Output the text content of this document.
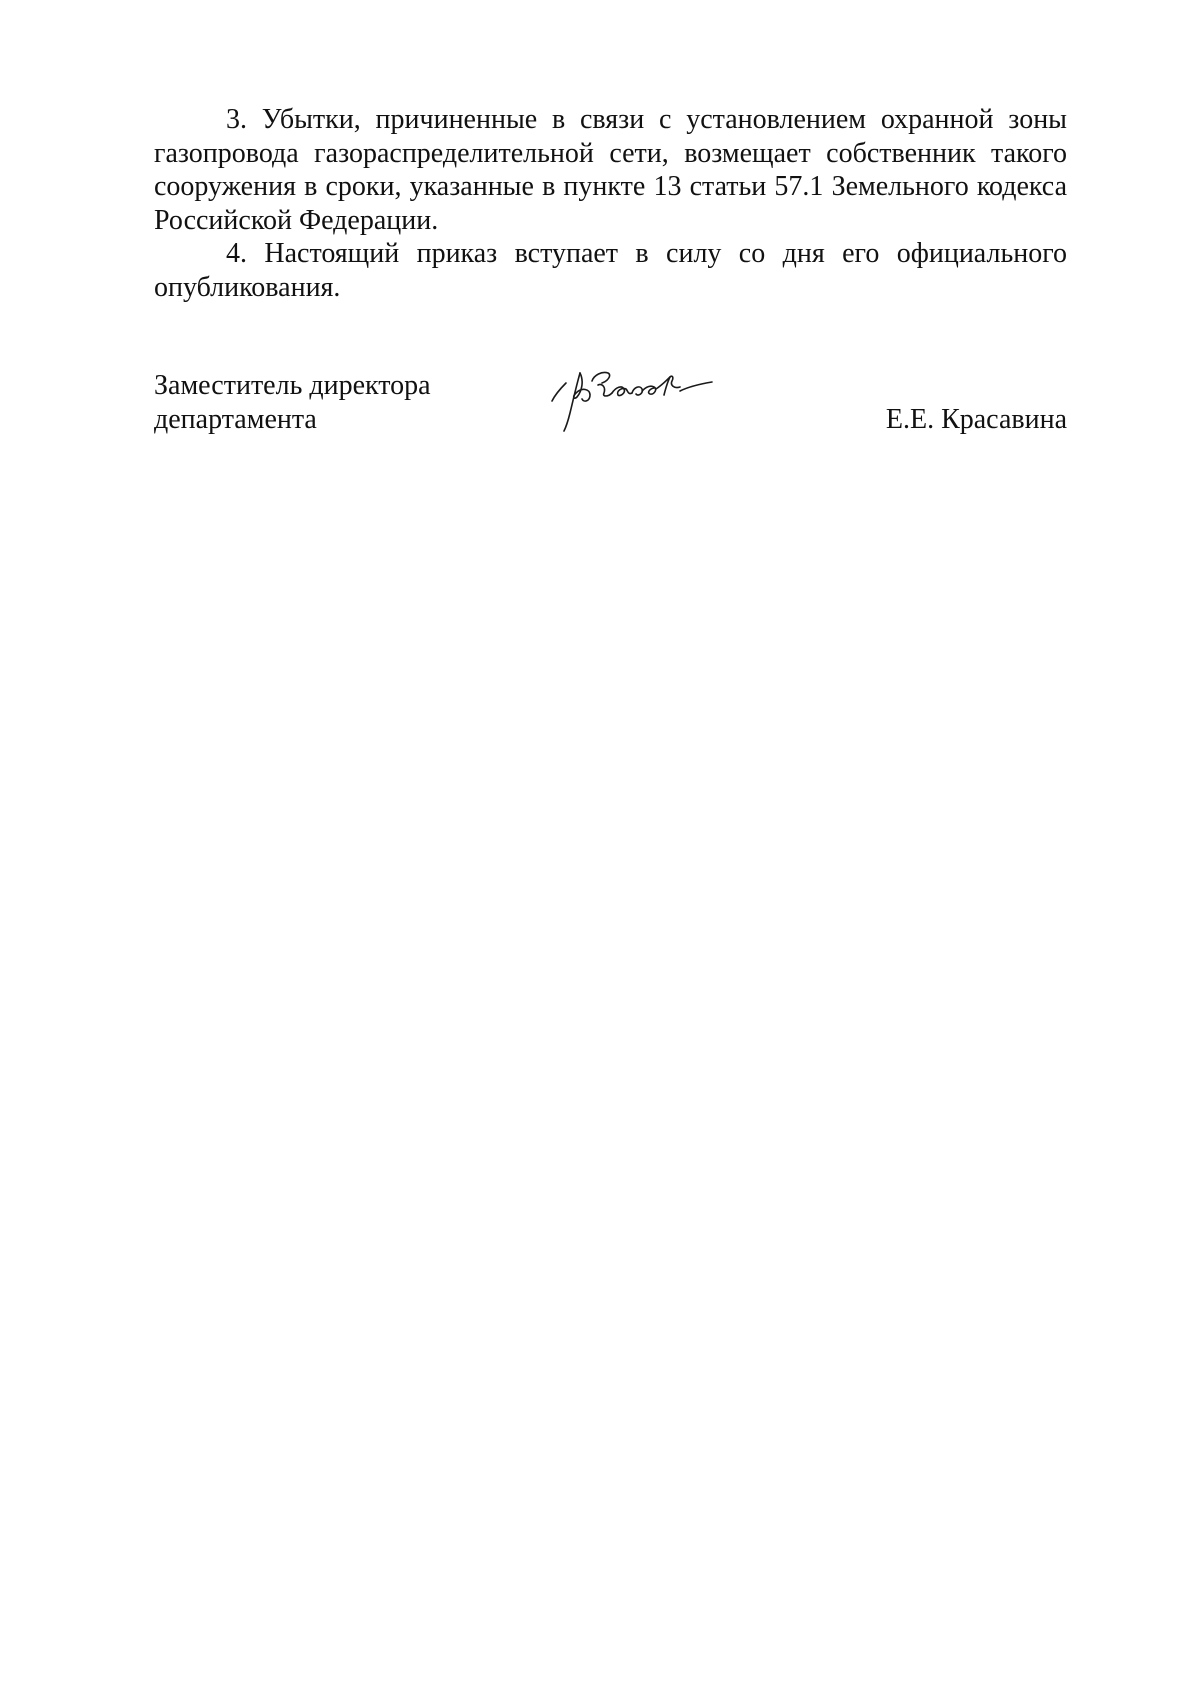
3. Убытки, причиненные в связи с установлением охранной зоны газопровода газораспределительной сети, возмещает собственник такого сооружения в сроки, указанные в пункте 13 статьи 57.1 Земельного кодекса Российской Федерации.

4. Настоящий приказ вступает в силу со дня его официального опубликования.

Заместитель директора
департамента	Е.Е. Красавина
